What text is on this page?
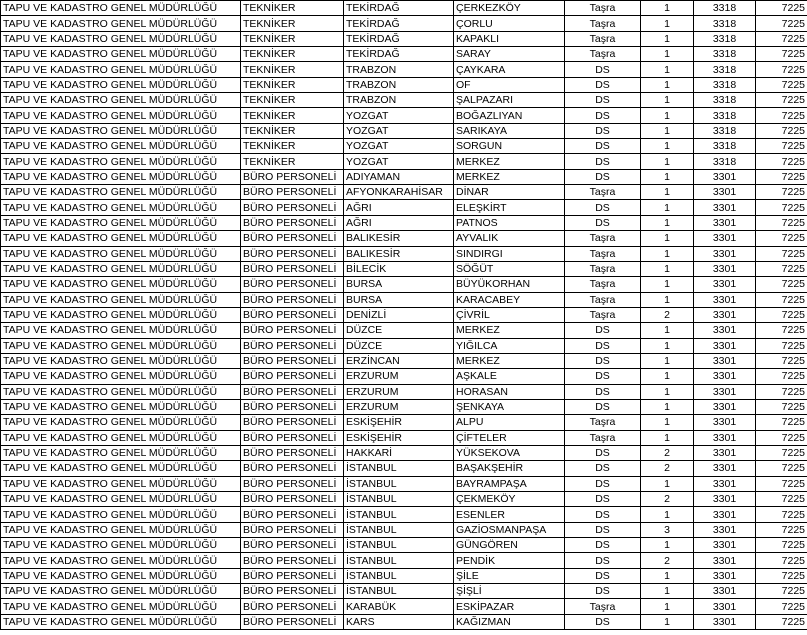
TAPU VE KADASTRO GENEL MÜDÜRLÜĞÜ	TEKNİKER	TEKİRDAĞ	ÇERKEZKÖY	Taşra	1	3318	7225
TAPU VE KADASTRO GENEL MÜDÜRLÜĞÜ	TEKNİKER	TEKİRDAĞ	ÇORLU	Taşra	1	3318	7225
TAPU VE KADASTRO GENEL MÜDÜRLÜĞÜ	TEKNİKER	TEKİRDAĞ	KAPAKLI	Taşra	1	3318	7225
TAPU VE KADASTRO GENEL MÜDÜRLÜĞÜ	TEKNİKER	TEKİRDAĞ	SARAY	Taşra	1	3318	7225
TAPU VE KADASTRO GENEL MÜDÜRLÜĞÜ	TEKNİKER	TRABZON	ÇAYKARA	DS	1	3318	7225
TAPU VE KADASTRO GENEL MÜDÜRLÜĞÜ	TEKNİKER	TRABZON	OF	DS	1	3318	7225
TAPU VE KADASTRO GENEL MÜDÜRLÜĞÜ	TEKNİKER	TRABZON	ŞALPAZARI	DS	1	3318	7225
TAPU VE KADASTRO GENEL MÜDÜRLÜĞÜ	TEKNİKER	YOZGAT	BOĞAZLIYAN	DS	1	3318	7225
TAPU VE KADASTRO GENEL MÜDÜRLÜĞÜ	TEKNİKER	YOZGAT	SARIKAYA	DS	1	3318	7225
TAPU VE KADASTRO GENEL MÜDÜRLÜĞÜ	TEKNİKER	YOZGAT	SORGUN	DS	1	3318	7225
TAPU VE KADASTRO GENEL MÜDÜRLÜĞÜ	TEKNİKER	YOZGAT	MERKEZ	DS	1	3318	7225
TAPU VE KADASTRO GENEL MÜDÜRLÜĞÜ	BÜRO PERSONELİ	ADIYAMAN	MERKEZ	DS	1	3301	7225
TAPU VE KADASTRO GENEL MÜDÜRLÜĞÜ	BÜRO PERSONELİ	AFYONKARAHİSAR	DİNAR	Taşra	1	3301	7225
TAPU VE KADASTRO GENEL MÜDÜRLÜĞÜ	BÜRO PERSONELİ	AĞRI	ELEŞKİRT	DS	1	3301	7225
TAPU VE KADASTRO GENEL MÜDÜRLÜĞÜ	BÜRO PERSONELİ	AĞRI	PATNOS	DS	1	3301	7225
TAPU VE KADASTRO GENEL MÜDÜRLÜĞÜ	BÜRO PERSONELİ	BALIKESİR	AYVALIK	Taşra	1	3301	7225
TAPU VE KADASTRO GENEL MÜDÜRLÜĞÜ	BÜRO PERSONELİ	BALIKESİR	SINDIRGI	Taşra	1	3301	7225
TAPU VE KADASTRO GENEL MÜDÜRLÜĞÜ	BÜRO PERSONELİ	BİLECİK	SÖĞÜT	Taşra	1	3301	7225
TAPU VE KADASTRO GENEL MÜDÜRLÜĞÜ	BÜRO PERSONELİ	BURSA	BÜYÜKORHAN	Taşra	1	3301	7225
TAPU VE KADASTRO GENEL MÜDÜRLÜĞÜ	BÜRO PERSONELİ	BURSA	KARACABEY	Taşra	1	3301	7225
TAPU VE KADASTRO GENEL MÜDÜRLÜĞÜ	BÜRO PERSONELİ	DENİZLİ	ÇİVRİL	Taşra	2	3301	7225
TAPU VE KADASTRO GENEL MÜDÜRLÜĞÜ	BÜRO PERSONELİ	DÜZCE	MERKEZ	DS	1	3301	7225
TAPU VE KADASTRO GENEL MÜDÜRLÜĞÜ	BÜRO PERSONELİ	DÜZCE	YIĞILCA	DS	1	3301	7225
TAPU VE KADASTRO GENEL MÜDÜRLÜĞÜ	BÜRO PERSONELİ	ERZİNCAN	MERKEZ	DS	1	3301	7225
TAPU VE KADASTRO GENEL MÜDÜRLÜĞÜ	BÜRO PERSONELİ	ERZURUM	AŞKALE	DS	1	3301	7225
TAPU VE KADASTRO GENEL MÜDÜRLÜĞÜ	BÜRO PERSONELİ	ERZURUM	HORASAN	DS	1	3301	7225
TAPU VE KADASTRO GENEL MÜDÜRLÜĞÜ	BÜRO PERSONELİ	ERZURUM	ŞENKAYA	DS	1	3301	7225
TAPU VE KADASTRO GENEL MÜDÜRLÜĞÜ	BÜRO PERSONELİ	ESKİŞEHİR	ALPU	Taşra	1	3301	7225
TAPU VE KADASTRO GENEL MÜDÜRLÜĞÜ	BÜRO PERSONELİ	ESKİŞEHİR	ÇİFTELER	Taşra	1	3301	7225
TAPU VE KADASTRO GENEL MÜDÜRLÜĞÜ	BÜRO PERSONELİ	HAKKARİ	YÜKSEKOVA	DS	2	3301	7225
TAPU VE KADASTRO GENEL MÜDÜRLÜĞÜ	BÜRO PERSONELİ	İSTANBUL	BAŞAKŞEHİR	DS	2	3301	7225
TAPU VE KADASTRO GENEL MÜDÜRLÜĞÜ	BÜRO PERSONELİ	İSTANBUL	BAYRAMPAŞA	DS	1	3301	7225
TAPU VE KADASTRO GENEL MÜDÜRLÜĞÜ	BÜRO PERSONELİ	İSTANBUL	ÇEKMEKÖY	DS	2	3301	7225
TAPU VE KADASTRO GENEL MÜDÜRLÜĞÜ	BÜRO PERSONELİ	İSTANBUL	ESENLER	DS	1	3301	7225
TAPU VE KADASTRO GENEL MÜDÜRLÜĞÜ	BÜRO PERSONELİ	İSTANBUL	GAZİOSMANPAŞA	DS	3	3301	7225
TAPU VE KADASTRO GENEL MÜDÜRLÜĞÜ	BÜRO PERSONELİ	İSTANBUL	GÜNGÖREN	DS	1	3301	7225
TAPU VE KADASTRO GENEL MÜDÜRLÜĞÜ	BÜRO PERSONELİ	İSTANBUL	PENDİK	DS	2	3301	7225
TAPU VE KADASTRO GENEL MÜDÜRLÜĞÜ	BÜRO PERSONELİ	İSTANBUL	ŞİLE	DS	1	3301	7225
TAPU VE KADASTRO GENEL MÜDÜRLÜĞÜ	BÜRO PERSONELİ	İSTANBUL	ŞİŞLİ	DS	1	3301	7225
TAPU VE KADASTRO GENEL MÜDÜRLÜĞÜ	BÜRO PERSONELİ	KARABÜK	ESKİPAZAR	Taşra	1	3301	7225
TAPU VE KADASTRO GENEL MÜDÜRLÜĞÜ	BÜRO PERSONELİ	KARS	KAĞIZMAN	DS	1	3301	7225
